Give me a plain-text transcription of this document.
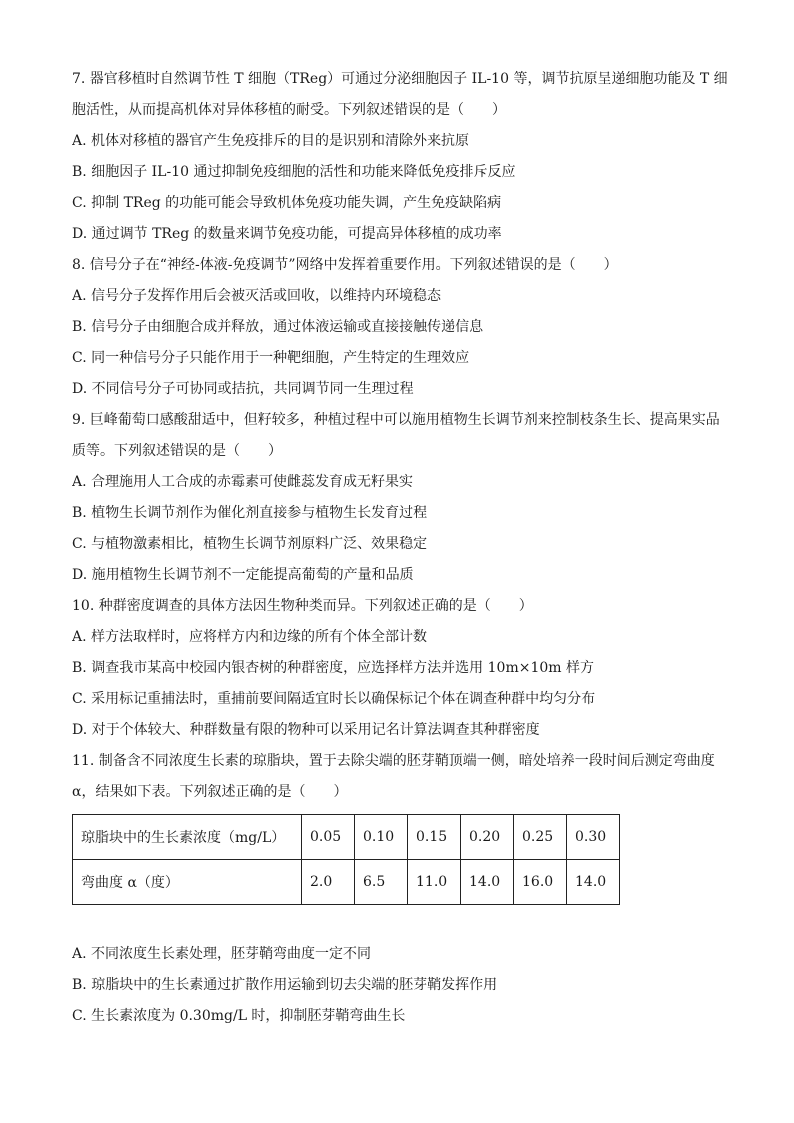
7. 器官移植时自然调节性 T 细胞（TReg）可通过分泌细胞因子 IL-10 等，调节抗原呈递细胞功能及 T 细
胞活性，从而提高机体对异体移植的耐受。下列叙述错误的是（　　）
A. 机体对移植的器官产生免疫排斥的目的是识别和清除外来抗原
B. 细胞因子 IL-10 通过抑制免疫细胞的活性和功能来降低免疫排斥反应
C. 抑制 TReg 的功能可能会导致机体免疫功能失调，产生免疫缺陷病
D. 通过调节 TReg 的数量来调节免疫功能，可提高异体移植的成功率
8. 信号分子在“神经-体液-免疫调节”网络中发挥着重要作用。下列叙述错误的是（　　）
A. 信号分子发挥作用后会被灭活或回收，以维持内环境稳态
B. 信号分子由细胞合成并释放，通过体液运输或直接接触传递信息
C. 同一种信号分子只能作用于一种靶细胞，产生特定的生理效应
D. 不同信号分子可协同或拮抗，共同调节同一生理过程
9. 巨峰葡萄口感酸甜适中，但籽较多，种植过程中可以施用植物生长调节剂来控制枝条生长、提高果实品
质等。下列叙述错误的是（　　）
A. 合理施用人工合成的赤霉素可使雌蕊发育成无籽果实
B. 植物生长调节剂作为催化剂直接参与植物生长发育过程
C. 与植物激素相比，植物生长调节剂原料广泛、效果稳定
D. 施用植物生长调节剂不一定能提高葡萄的产量和品质
10. 种群密度调查的具体方法因生物种类而异。下列叙述正确的是（　　）
A. 样方法取样时，应将样方内和边缘的所有个体全部计数
B. 调查我市某高中校园内银杏树的种群密度，应选择样方法并选用 10m×10m 样方
C. 采用标记重捕法时，重捕前要间隔适宜时长以确保标记个体在调查种群中均匀分布
D. 对于个体较大、种群数量有限的物种可以采用记名计算法调查其种群密度
11. 制备含不同浓度生长素的琼脂块，置于去除尖端的胚芽鞘顶端一侧，暗处培养一段时间后测定弯曲度
α，结果如下表。下列叙述正确的是（　　）
琼脂块中的生长素浓度（mg/L）	0.05	0.10	0.15	0.20	0.25	0.30
弯曲度 α（度）	2.0	6.5	11.0	14.0	16.0	14.0
A. 不同浓度生长素处理，胚芽鞘弯曲度一定不同
B. 琼脂块中的生长素通过扩散作用运输到切去尖端的胚芽鞘发挥作用
C. 生长素浓度为 0.30mg/L 时，抑制胚芽鞘弯曲生长
